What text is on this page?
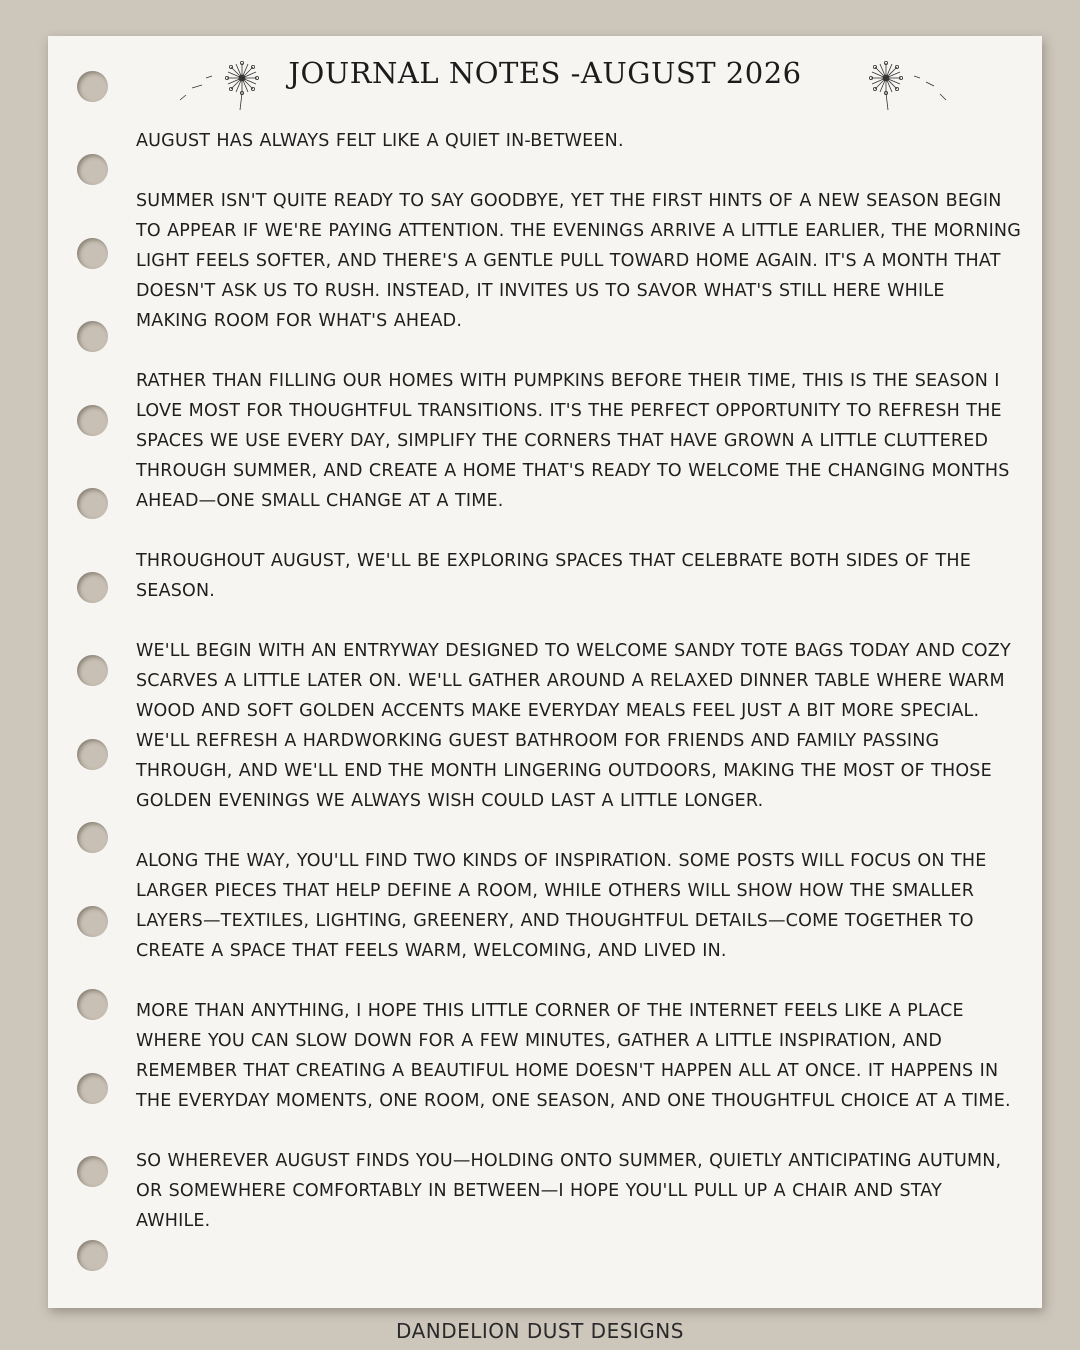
JOURNAL NOTES -AUGUST 2026

AUGUST HAS ALWAYS FELT LIKE A QUIET IN-BETWEEN.

SUMMER ISN'T QUITE READY TO SAY GOODBYE, YET THE FIRST HINTS OF A NEW SEASON BEGIN TO APPEAR IF WE'RE PAYING ATTENTION. THE EVENINGS ARRIVE A LITTLE EARLIER, THE MORNING LIGHT FEELS SOFTER, AND THERE'S A GENTLE PULL TOWARD HOME AGAIN. IT'S A MONTH THAT DOESN'T ASK US TO RUSH. INSTEAD, IT INVITES US TO SAVOR WHAT'S STILL HERE WHILE MAKING ROOM FOR WHAT'S AHEAD.

RATHER THAN FILLING OUR HOMES WITH PUMPKINS BEFORE THEIR TIME, THIS IS THE SEASON I LOVE MOST FOR THOUGHTFUL TRANSITIONS. IT'S THE PERFECT OPPORTUNITY TO REFRESH THE SPACES WE USE EVERY DAY, SIMPLIFY THE CORNERS THAT HAVE GROWN A LITTLE CLUTTERED THROUGH SUMMER, AND CREATE A HOME THAT'S READY TO WELCOME THE CHANGING MONTHS AHEAD—ONE SMALL CHANGE AT A TIME.

THROUGHOUT AUGUST, WE'LL BE EXPLORING SPACES THAT CELEBRATE BOTH SIDES OF THE SEASON.

WE'LL BEGIN WITH AN ENTRYWAY DESIGNED TO WELCOME SANDY TOTE BAGS TODAY AND COZY SCARVES A LITTLE LATER ON. WE'LL GATHER AROUND A RELAXED DINNER TABLE WHERE WARM WOOD AND SOFT GOLDEN ACCENTS MAKE EVERYDAY MEALS FEEL JUST A BIT MORE SPECIAL. WE'LL REFRESH A HARDWORKING GUEST BATHROOM FOR FRIENDS AND FAMILY PASSING THROUGH, AND WE'LL END THE MONTH LINGERING OUTDOORS, MAKING THE MOST OF THOSE GOLDEN EVENINGS WE ALWAYS WISH COULD LAST A LITTLE LONGER.

ALONG THE WAY, YOU'LL FIND TWO KINDS OF INSPIRATION. SOME POSTS WILL FOCUS ON THE LARGER PIECES THAT HELP DEFINE A ROOM, WHILE OTHERS WILL SHOW HOW THE SMALLER LAYERS—TEXTILES, LIGHTING, GREENERY, AND THOUGHTFUL DETAILS—COME TOGETHER TO CREATE A SPACE THAT FEELS WARM, WELCOMING, AND LIVED IN.

MORE THAN ANYTHING, I HOPE THIS LITTLE CORNER OF THE INTERNET FEELS LIKE A PLACE WHERE YOU CAN SLOW DOWN FOR A FEW MINUTES, GATHER A LITTLE INSPIRATION, AND REMEMBER THAT CREATING A BEAUTIFUL HOME DOESN'T HAPPEN ALL AT ONCE. IT HAPPENS IN THE EVERYDAY MOMENTS, ONE ROOM, ONE SEASON, AND ONE THOUGHTFUL CHOICE AT A TIME.

SO WHEREVER AUGUST FINDS YOU—HOLDING ONTO SUMMER, QUIETLY ANTICIPATING AUTUMN, OR SOMEWHERE COMFORTABLY IN BETWEEN—I HOPE YOU'LL PULL UP A CHAIR AND STAY AWHILE.

DANDELION DUST DESIGNS
